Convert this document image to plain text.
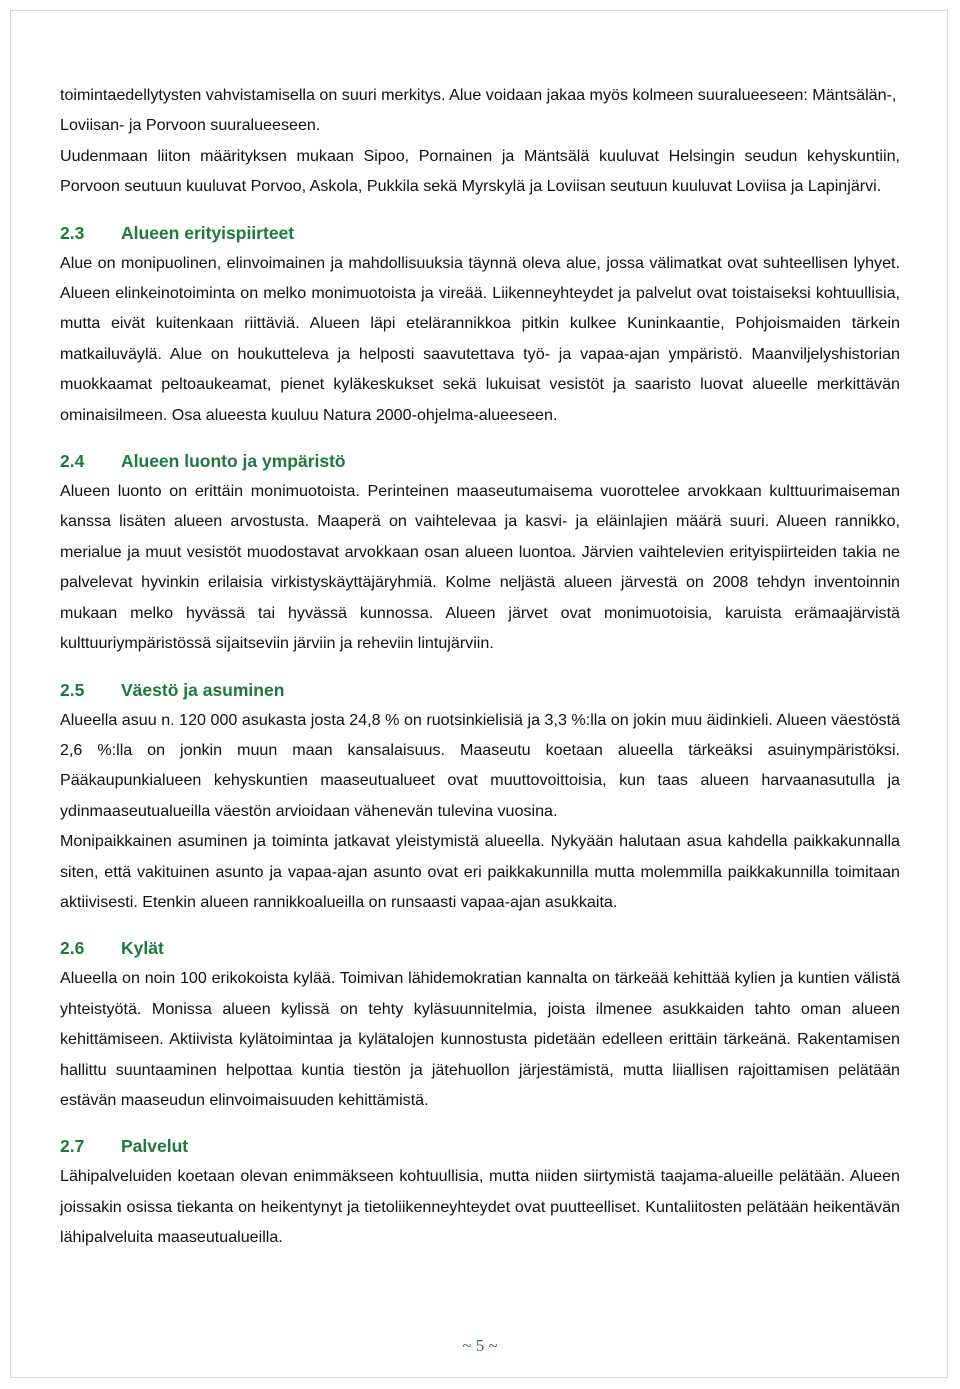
toimintaedellytysten vahvistamisella on suuri merkitys. Alue voidaan jakaa myös kolmeen suuralueeseen: Mäntsälän-, Loviisan- ja Porvoon suuralueeseen.

Uudenmaan liiton määrityksen mukaan Sipoo, Pornainen ja Mäntsälä kuuluvat Helsingin seudun kehyskuntiin, Porvoon seutuun kuuluvat Porvoo, Askola, Pukkila sekä Myrskylä ja Loviisan seutuun kuuluvat Loviisa ja Lapinjärvi.

2.3	Alueen erityispiirteet

Alue on monipuolinen, elinvoimainen ja mahdollisuuksia täynnä oleva alue, jossa välimatkat ovat suhteellisen lyhyet. Alueen elinkeinotoiminta on melko monimuotoista ja vireää. Liikenneyhteydet ja palvelut ovat toistaiseksi kohtuullisia, mutta eivät kuitenkaan riittäviä. Alueen läpi etelärannikkoa pitkin kulkee Kuninkaantie, Pohjoismaiden tärkein matkailuväylä. Alue on houkutteleva ja helposti saavutettava työ- ja vapaa-ajan ympäristö. Maanviljelyshistorian muokkaamat peltoaukeamat, pienet kyläkeskukset sekä lukuisat vesistöt ja saaristo luovat alueelle merkittävän ominaisilmeen. Osa alueesta kuuluu Natura 2000-ohjelma-alueeseen.

2.4	Alueen luonto ja ympäristö

Alueen luonto on erittäin monimuotoista. Perinteinen maaseutumaisema vuorottelee arvokkaan kulttuurimaiseman kanssa lisäten alueen arvostusta. Maaperä on vaihtelevaa ja kasvi- ja eläinlajien määrä suuri. Alueen rannikko, merialue ja muut vesistöt muodostavat arvokkaan osan alueen luontoa. Järvien vaihtelevien erityispiirteiden takia ne palvelevat hyvinkin erilaisia virkistyskäyttäjäryhmiä. Kolme neljästä alueen järvestä on 2008 tehdyn inventoinnin mukaan melko hyvässä tai hyvässä kunnossa. Alueen järvet ovat monimuotoisia, karuista erämaajärvistä kulttuuriympäristössä sijaitseviin järviin ja reheviin lintujärviin.

2.5	Väestö ja asuminen

Alueella asuu n. 120 000 asukasta josta 24,8 % on ruotsinkielisiä ja 3,3 %:lla on jokin muu äidinkieli. Alueen väestöstä 2,6 %:lla on jonkin muun maan kansalaisuus. Maaseutu koetaan alueella tärkeäksi asuinympäristöksi. Pääkaupunkialueen kehyskuntien maaseutualueet ovat muuttovoittoisia, kun taas alueen harvaanasutulla ja ydinmaaseutualueilla väestön arvioidaan vähenevän tulevina vuosina.

Monipaikkainen asuminen ja toiminta jatkavat yleistymistä alueella. Nykyään halutaan asua kahdella paikkakunnalla siten, että vakituinen asunto ja vapaa-ajan asunto ovat eri paikkakunnilla mutta molemmilla paikkakunnilla toimitaan aktiivisesti. Etenkin alueen rannikkoalueilla on runsaasti vapaa-ajan asukkaita.

2.6	Kylät

Alueella on noin 100 erikokoista kylää. Toimivan lähidemokratian kannalta on tärkeää kehittää kylien ja kuntien välistä yhteistyötä. Monissa alueen kylissä on tehty kyläsuunnitelmia, joista ilmenee asukkaiden tahto oman alueen kehittämiseen. Aktiivista kylätoimintaa ja kylätalojen kunnostusta pidetään edelleen erittäin tärkeänä. Rakentamisen hallittu suuntaaminen helpottaa kuntia tiestön ja jätehuollon järjestämistä, mutta liiallisen rajoittamisen pelätään estävän maaseudun elinvoimaisuuden kehittämistä.

2.7	Palvelut

Lähipalveluiden koetaan olevan enimmäkseen kohtuullisia, mutta niiden siirtymistä taajama-alueille pelätään. Alueen joissakin osissa tiekanta on heikentynyt ja tietoliikenneyhteydet ovat puutteelliset. Kuntaliitosten pelätään heikentävän lähipalveluita maaseutualueilla.

~ 5 ~
